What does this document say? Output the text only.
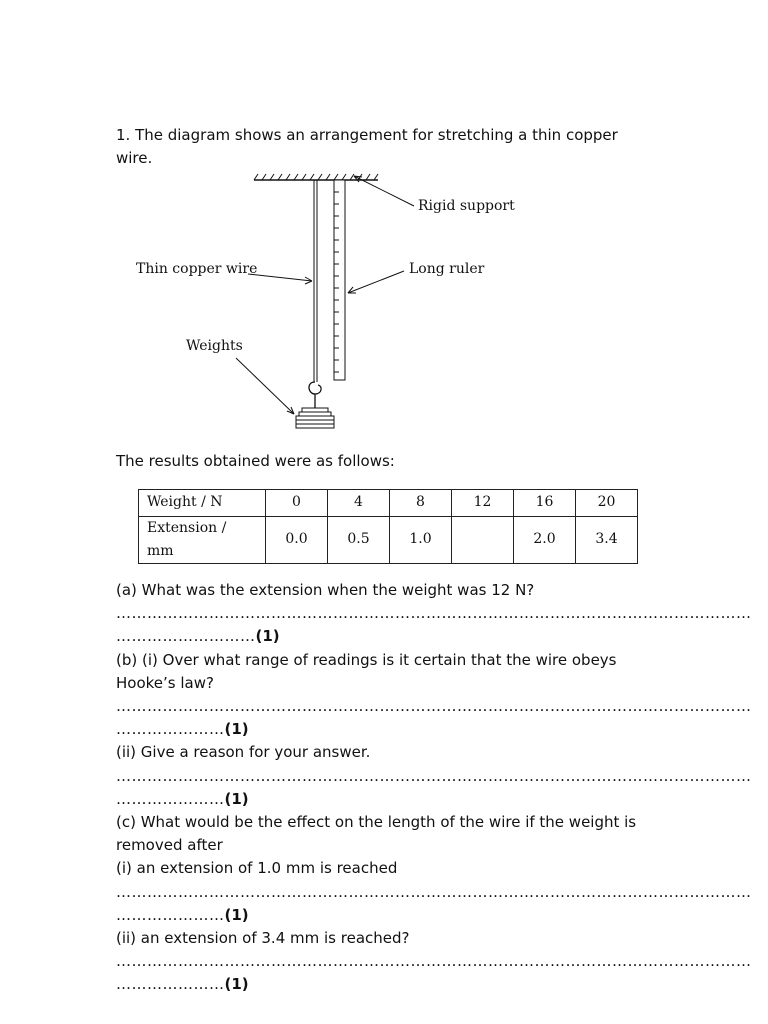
1. The diagram shows an arrangement for stretching a thin copper wire.

Rigid support
Thin copper wire	Long ruler
Weights

The results obtained were as follows:

Weight / N	0	4	8	12	16	20
Extension / mm	0.0	0.5	1.0		2.0	3.4

(a) What was the extension when the weight was 12 N?

……………………………………………………………………………………………………………
………………………(1)

(b) (i) Over what range of readings is it certain that the wire obeys Hooke’s law?

……………………………………………………………………………………………………………
…………………(1)

(ii) Give a reason for your answer.

……………………………………………………………………………………………………………
…………………(1)

(c) What would be the effect on the length of the wire if the weight is removed after

(i) an extension of 1.0 mm is reached

……………………………………………………………………………………………………………
…………………(1)

(ii) an extension of 3.4 mm is reached?

……………………………………………………………………………………………………………
…………………(1)
